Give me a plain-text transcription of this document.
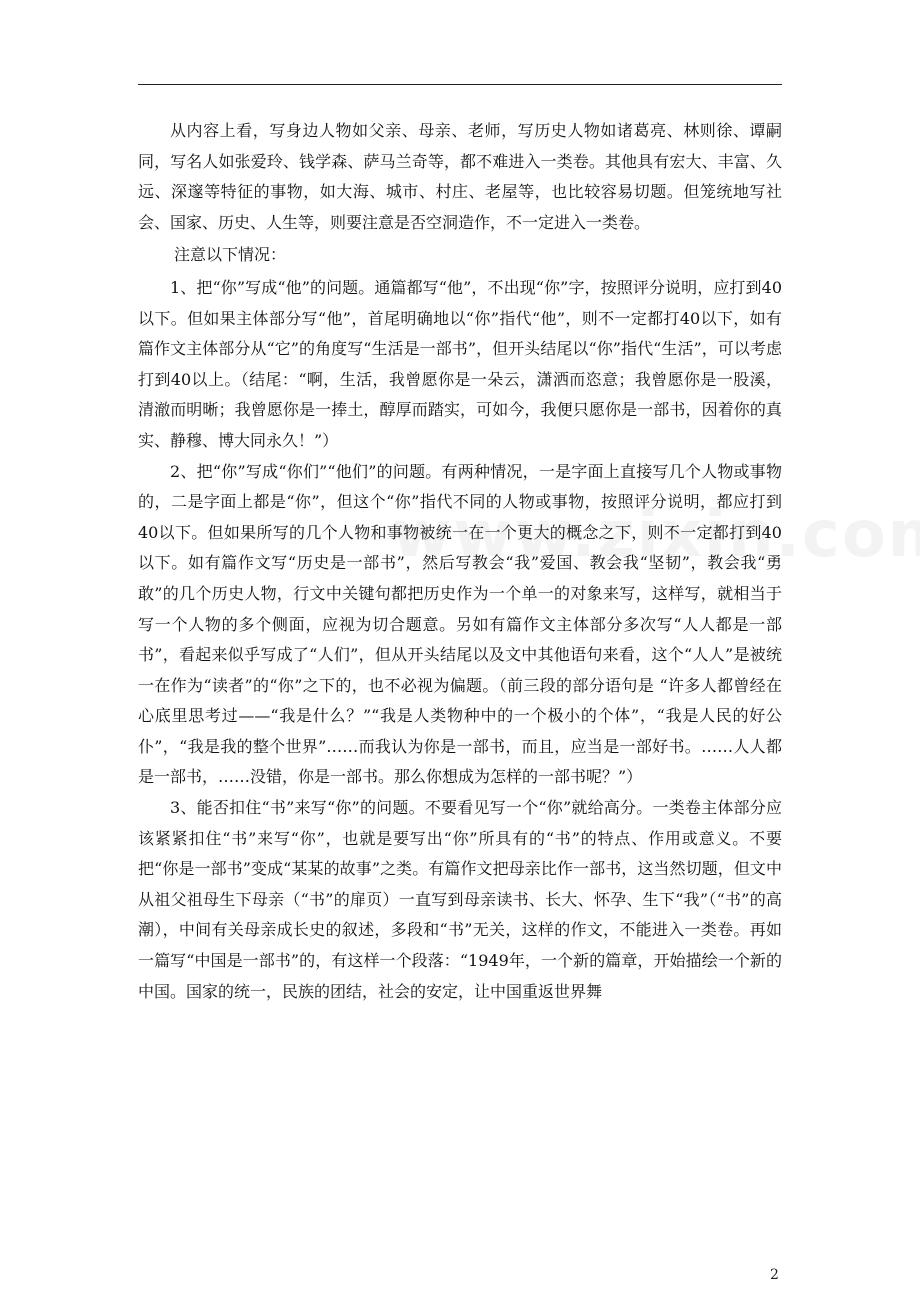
从内容上看，写身边人物如父亲、母亲、老师，写历史人物如诸葛亮、林则徐、谭嗣同，写名人如张爱玲、钱学森、萨马兰奇等，都不难进入一类卷。其他具有宏大、丰富、久远、深邃等特征的事物，如大海、城市、村庄、老屋等，也比较容易切题。但笼统地写社会、国家、历史、人生等，则要注意是否空洞造作，不一定进入一类卷。

注意以下情况：

1、把“你”写成“他”的问题。通篇都写“他”，不出现“你”字，按照评分说明，应打到40以下。但如果主体部分写“他”，首尾明确地以“你”指代“他”，则不一定都打40以下，如有篇作文主体部分从“它”的角度写“生活是一部书”，但开头结尾以“你”指代“生活”，可以考虑打到40以上。（结尾：“啊，生活，我曾愿你是一朵云，潇洒而恣意；我曾愿你是一股溪，清澈而明晰；我曾愿你是一捧土，醇厚而踏实，可如今，我便只愿你是一部书，因着你的真实、静穆、博大同永久！”）

2、把“你”写成“你们”“他们”的问题。有两种情况，一是字面上直接写几个人物或事物的，二是字面上都是“你”，但这个“你”指代不同的人物或事物，按照评分说明，都应打到40以下。但如果所写的几个人物和事物被统一在一个更大的概念之下，则不一定都打到40以下。如有篇作文写“历史是一部书”，然后写教会“我”爱国、教会我“坚韧”，教会我“勇敢”的几个历史人物，行文中关键句都把历史作为一个单一的对象来写，这样写，就相当于写一个人物的多个侧面，应视为切合题意。另如有篇作文主体部分多次写“人人都是一部书”，看起来似乎写成了“人们”，但从开头结尾以及文中其他语句来看，这个“人人”是被统一在作为“读者”的“你”之下的，也不必视为偏题。（前三段的部分语句是 “许多人都曾经在心底里思考过——“我是什么？”“我是人类物种中的一个极小的个体”，“我是人民的好公仆”，“我是我的整个世界”……而我认为你是一部书，而且，应当是一部好书。……人人都是一部书，……没错，你是一部书。那么你想成为怎样的一部书呢？”）

3、能否扣住“书”来写“你”的问题。不要看见写一个“你”就给高分。一类卷主体部分应该紧紧扣住“书”来写“你”，也就是要写出“你”所具有的“书”的特点、作用或意义。不要把“你是一部书”变成“某某的故事”之类。有篇作文把母亲比作一部书，这当然切题，但文中从祖父祖母生下母亲（“书”的扉页）一直写到母亲读书、长大、怀孕、生下“我”（“书”的高潮），中间有关母亲成长史的叙述，多段和“书”无关，这样的作文，不能进入一类卷。再如一篇写“中国是一部书”的，有这样一个段落：“1949年，一个新的篇章，开始描绘一个新的中国。国家的统一，民族的团结，社会的安定，让中国重返世界舞

2
